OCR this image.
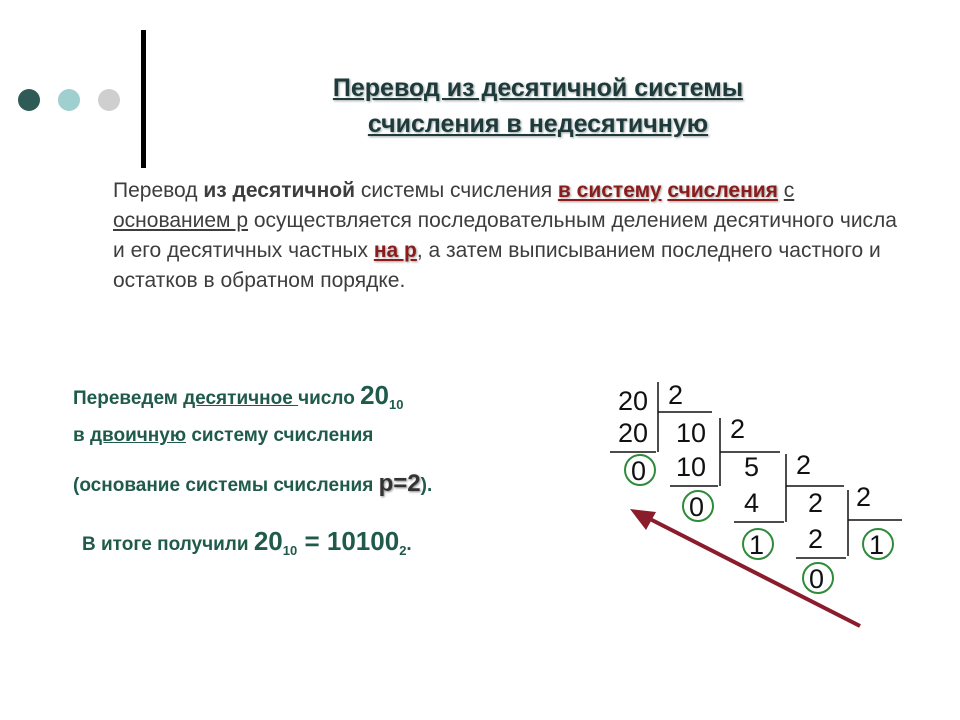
Перевод из десятичной системы
счисления в недесятичную
Перевод из десятичной системы счисления в систему счисления с основанием р осуществляется последовательным делением десятичного числа и его десятичных частных на р, а затем выписыванием последнего частного и остатков в обратном порядке.
Переведем десятичное число $20_{10}$
в двоичную систему счисления
(основание системы счисления p=2).
В итоге получили $20_{10} = 10100_2$.
20 2
20
0
10 2
10
0
5 2
4
1
2 2
2
0
1
